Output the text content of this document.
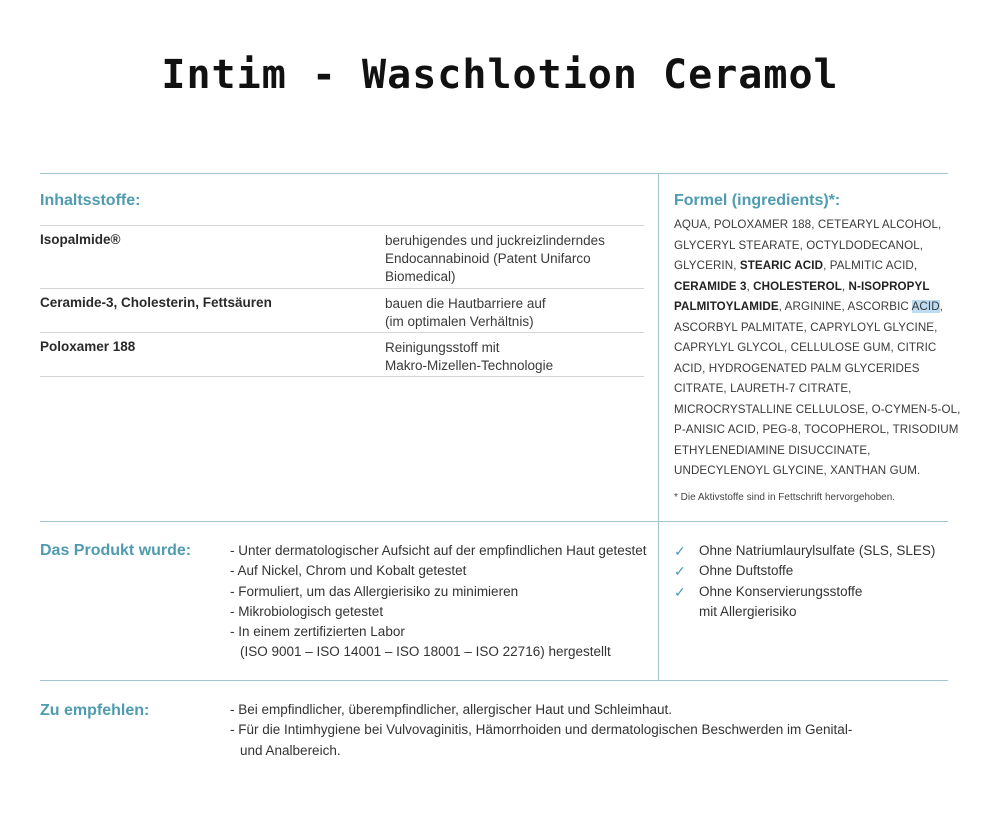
Intim - Waschlotion Ceramol
Inhaltsstoffe:
Isopalmide®	beruhigendes und juckreizlinderndes
Endocannabinoid (Patent Unifarco
Biomedical)
Ceramide-3, Cholesterin, Fettsäuren	bauen die Hautbarriere auf
(im optimalen Verhältnis)
Poloxamer 188	Reinigungsstoff mit
Makro-Mizellen-Technologie
Formel (ingredients)*:
AQUA, POLOXAMER 188, CETEARYL ALCOHOL, GLYCERYL STEARATE, OCTYLDODECANOL, GLYCERIN, STEARIC ACID, PALMITIC ACID, CERAMIDE 3, CHOLESTEROL, N-ISOPROPYL PALMITOYLAMIDE, ARGININE, ASCORBIC ACID, ASCORBYL PALMITATE, CAPRYLOYL GLYCINE, CAPRYLYL GLYCOL, CELLULOSE GUM, CITRIC ACID, HYDROGENATED PALM GLYCERIDES CITRATE, LAURETH-7 CITRATE, MICROCRYSTALLINE CELLULOSE, O-CYMEN-5-OL, P-ANISIC ACID, PEG-8, TOCOPHEROL, TRISODIUM ETHYLENEDIAMINE DISUCCINATE, UNDECYLENOYL GLYCINE, XANTHAN GUM.
* Die Aktivstoffe sind in Fettschrift hervorgehoben.
Das Produkt wurde:	- Unter dermatologischer Aufsicht auf der empfindlichen Haut getestet
- Auf Nickel, Chrom und Kobalt getestet
- Formuliert, um das Allergierisiko zu minimieren
- Mikrobiologisch getestet
- In einem zertifizierten Labor
(ISO 9001 – ISO 14001 – ISO 18001 – ISO 22716) hergestellt
✓ Ohne Natriumlaurylsulfate (SLS, SLES)
✓ Ohne Duftstoffe
✓ Ohne Konservierungsstoffe
mit Allergierisiko
Zu empfehlen:	- Bei empfindlicher, überempfindlicher, allergischer Haut und Schleimhaut.
- Für die Intimhygiene bei Vulvovaginitis, Hämorrhoiden und dermatologischen Beschwerden im Genital-
und Analbereich.
